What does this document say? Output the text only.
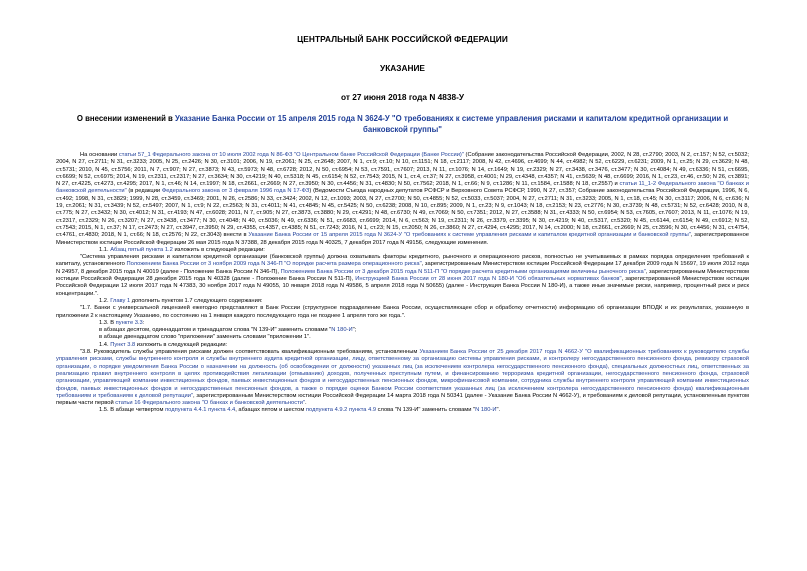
ЦЕНТРАЛЬНЫЙ БАНК РОССИЙСКОЙ ФЕДЕРАЦИИ

УКАЗАНИЕ

от 27 июня 2018 года N 4838-У

О внесении изменений в Указание Банка России от 15 апреля 2015 года N 3624-У "О требованиях к системе управления рисками и капиталом кредитной организации и банковской группы"

На основании статьи 57_1 Федерального закона от 10 июля 2002 года N 86-ФЗ "О Центральном банке Российской Федерации (Банке России)" (Собрание законодательства Российской Федерации, 2002, N 28, ст.2790; 2003, N 2, ст.157; N 52, ст.5032; 2004, N 27, ст.2711; N 31, ст.3233; 2005, N 25, ст.2426; N 30, ст.3101; 2006, N 19, ст.2061; N 25, ст.2648; 2007, N 1, ст.9; ст.10; N 10, ст.1151; N 18, ст.2117; 2008, N 42, ст.4696, ст.4699; N 44, ст.4982; N 52, ст.6229, ст.6231; 2009, N 1, ст.25; N 29, ст.3629; N 48, ст.5731; 2010, N 45, ст.5756; 2011, N 7, ст.907; N 27, ст.3873; N 43, ст.5973; N 48, ст.6728; 2012, N 50, ст.6954; N 53, ст.7591, ст.7607; 2013, N 11, ст.1076; N 14, ст.1649; N 19, ст.2329; N 27, ст.3438, ст.3476, ст.3477; N 30, ст.4084; N 49, ст.6336; N 51, ст.6695, ст.6699; N 52, ст.6975; 2014, N 19, ст.2311, ст.2317; N 27, ст.3634; N 30, ст.4219; N 40, ст.5318; N 45, ст.6154; N 52, ст.7543; 2015, N 1, ст.4, ст.37; N 27, ст.3958, ст.4001; N 29, ст.4348, ст.4357; N 41, ст.5639; N 48, ст.6699; 2016, N 1, ст.23, ст.46, ст.50; N 26, ст.3891; N 27, ст.4225, ст.4273, ст.4295; 2017, N 1, ст.46; N 14, ст.1997; N 18, ст.2661, ст.2669; N 27, ст.3950; N 30, ст.4456; N 31, ст.4830; N 50, ст.7562; 2018, N 1, ст.66; N 9, ст.1286; N 11, ст.1584, ст.1588; N 18, ст.2557) и статьи 11_1-2 Федерального закона "О банках и банковской деятельности" (в редакции Федерального закона от 3 февраля 1996 года N 17-ФЗ) (Ведомости Съезда народных депутатов РСФСР и Верховного Совета РСФСР, 1990, N 27, ст.357; Собрание законодательства Российской Федерации, 1996, N 6, ст.492; 1998, N 31, ст.3829; 1999, N 28, ст.3459, ст.3469; 2001, N 26, ст.2586; N 33, ст.3424; 2002, N 12, ст.1093; 2003, N 27, ст.2700; N 50, ст.4855; N 52, ст.5033, ст.5037; 2004, N 27, ст.2711; N 31, ст.3233; 2005, N 1, ст.18, ст.45; N 30, ст.3117; 2006, N 6, ст.636; N 19, ст.2061; N 31, ст.3439; N 52, ст.5497; 2007, N 1, ст.9; N 22, ст.2563; N 31, ст.4011; N 41, ст.4845; N 45, ст.5425; N 50, ст.6238; 2008, N 10, ст.895; 2009, N 1, ст.23; N 9, ст.1043; N 18, ст.2153; N 23, ст.2776; N 30, ст.3739; N 48, ст.5731; N 52, ст.6428; 2010, N 8, ст.775; N 27, ст.3432; N 30, ст.4012; N 31, ст.4193; N 47, ст.6028; 2011, N 7, ст.905; N 27, ст.3873, ст.3880; N 29, ст.4291; N 48, ст.6730; N 49, ст.7069; N 50, ст.7351; 2012, N 27, ст.3588; N 31, ст.4333; N 50, ст.6954; N 53, ст.7605, ст.7607; 2013, N 11, ст.1076; N 19, ст.2317, ст.2329; N 26, ст.3207; N 27, ст.3438, ст.3477; N 30, ст.4048; N 40, ст.5036; N 49, ст.6336; N 51, ст.6683, ст.6699; 2014, N 6, ст.563; N 19, ст.2311; N 26, ст.3379, ст.3395; N 30, ст.4219; N 40, ст.5317, ст.5320; N 45, ст.6144, ст.6154; N 49, ст.6912; N 52, ст.7543; 2015, N 1, ст.37; N 17, ст.2473; N 27, ст.3947, ст.3950; N 29, ст.4355, ст.4357, ст.4385; N 51, ст.7243; 2016, N 1, ст.23; N 15, ст.2050; N 26, ст.3860; N 27, ст.4294, ст.4295; 2017, N 14, ст.2000; N 18, ст.2661, ст.2669; N 25, ст.3596; N 30, ст.4456; N 31, ст.4754, ст.4761, ст.4830; 2018, N 1, ст.66; N 18, ст.2576; N 22, ст.3043) внести в Указание Банка России от 15 апреля 2015 года N 3624-У "О требованиях к системе управления рисками и капиталом кредитной организации и банковской группы", зарегистрированное Министерством юстиции Российской Федерации 26 мая 2015 года N 37388, 28 декабря 2015 года N 40325, 7 декабря 2017 года N 49156, следующие изменения.

1.1. Абзац пятый пункта 1.2 изложить в следующей редакции:

"Система управления рисками и капиталом кредитной организации (банковской группы) должна охватывать факторы кредитного, рыночного и операционного рисков, полностью не учитываемых в рамках порядка определения требований к капиталу, установленного Положением Банка России от 3 ноября 2009 года N 346-П "О порядке расчета размера операционного риска", зарегистрированным Министерством юстиции Российской Федерации 17 декабря 2009 года N 15697, 19 июля 2012 года N 24957, 8 декабря 2015 года N 40019 (далее - Положение Банка России N 346-П), Положением Банка России от 3 декабря 2015 года N 511-П "О порядке расчета кредитными организациями величины рыночного риска", зарегистрированным Министерством юстиции Российской Федерации 28 декабря 2015 года N 40328 (далее - Положение Банка России N 511-П), Инструкцией Банка России от 28 июня 2017 года N 180-И "Об обязательных нормативах банков", зарегистрированной Министерством юстиции Российской Федерации 12 июля 2017 года N 47383, 30 ноября 2017 года N 49055, 10 января 2018 года N 49586, 5 апреля 2018 года N 50655) (далее - Инструкция Банка России N 180-И), а также иные значимые риски, например, процентный риск и риск концентрации.".

1.2. Главу 1 дополнить пунктом 1.7 следующего содержания:

"1.7. Банки с универсальной лицензией ежегодно представляют в Банк России (структурное подразделение Банка России, осуществляющее сбор и обработку отчетности) информацию об организации ВПОДК и их результатах, указанную в приложении 2 к настоящему Указанию, по состоянию на 1 января каждого последующего года не позднее 1 апреля того же года.".

1.3. В пункте 3.3:

в абзацах десятом, одиннадцатом и тринадцатом слова "N 139-И" заменить словами "N 180-И";

в абзаце двенадцатом слово "приложении" заменить словами "приложении 1".

1.4. Пункт 3.8 изложить в следующей редакции:

"3.8. Руководитель службы управления рисками должен соответствовать квалификационным требованиям, установленным Указанием Банка России от 25 декабря 2017 года N 4662-У "О квалификационных требованиях к руководителю службы управления рисками, службы внутреннего контроля и службы внутреннего аудита кредитной организации, лицу, ответственному за организацию системы управления рисками, и контролеру негосударственного пенсионного фонда, ревизору страховой организации, о порядке уведомления Банка России о назначении на должность (об освобождении от должности) указанных лиц (за исключением контролера негосударственного пенсионного фонда), специальных должностных лиц, ответственных за реализацию правил внутреннего контроля в целях противодействия легализации (отмыванию) доходов, полученных преступным путем, и финансированию терроризма кредитной организации, негосударственного пенсионного фонда, страховой организации, управляющей компании инвестиционных фондов, паевых инвестиционных фондов и негосударственных пенсионных фондов, микрофинансовой компании, сотрудника службы внутреннего контроля управляющей компании инвестиционных фондов, паевых инвестиционных фондов и негосударственных пенсионных фондов, а также о порядке оценки Банком России соответствия указанных лиц (за исключением контролера негосударственного пенсионного фонда) квалификационным требованиям и требованиям к деловой репутации", зарегистрированным Министерством юстиции Российской Федерации 14 марта 2018 года N 50341 (далее - Указание Банка России N 4662-У), и требованиям к деловой репутации, установленным пунктом первым части первой статьи 16 Федерального закона "О банках и банковской деятельности".

1.5. В абзаце четвертом подпункта 4.4.1 пункта 4.4, абзацах пятом и шестом подпункта 4.9.2 пункта 4.9 слова "N 139-И" заменить словами "N 180-И".
